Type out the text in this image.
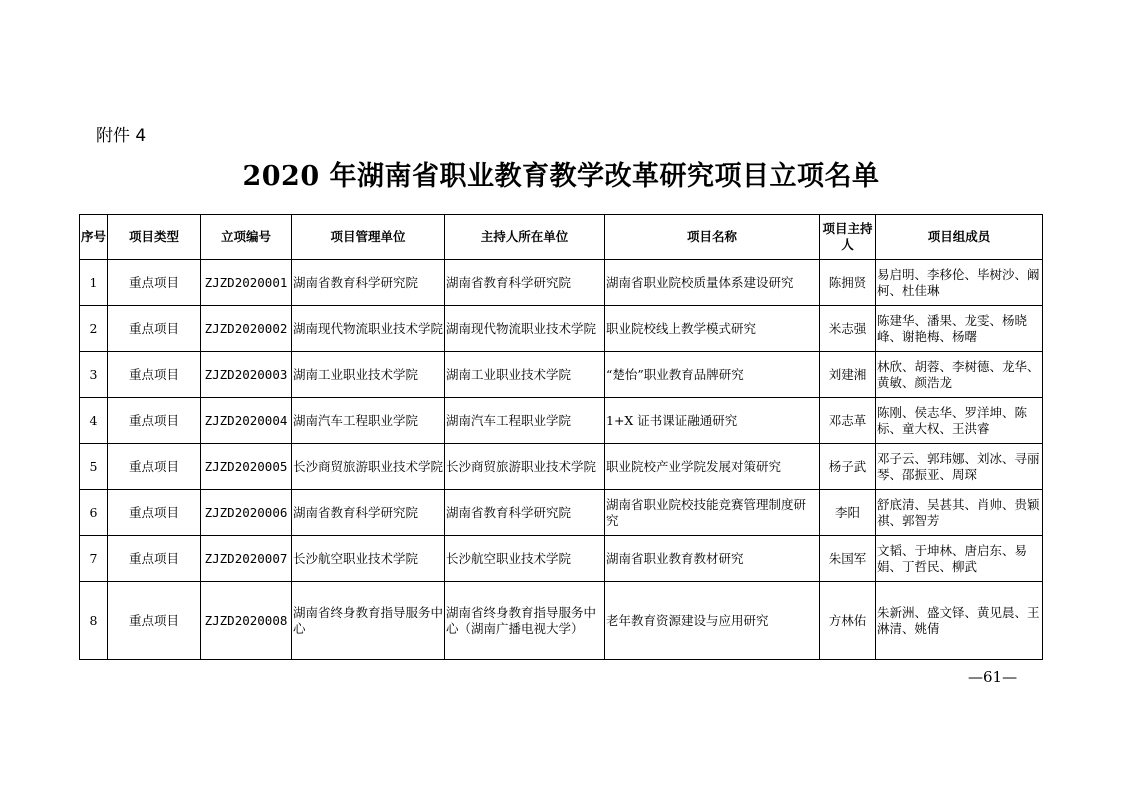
附件 4
2020 年湖南省职业教育教学改革研究项目立项名单
序号	项目类型	立项编号	项目管理单位	主持人所在单位	项目名称	项目主持人	项目组成员
1	重点项目	ZJZD2020001	湖南省教育科学研究院	湖南省教育科学研究院	湖南省职业院校质量体系建设研究	陈拥贤	易启明、李移伦、毕树沙、阚柯、杜佳琳
2	重点项目	ZJZD2020002	湖南现代物流职业技术学院	湖南现代物流职业技术学院	职业院校线上教学模式研究	米志强	陈建华、潘果、龙雯、杨晓峰、谢艳梅、杨曙
3	重点项目	ZJZD2020003	湖南工业职业技术学院	湖南工业职业技术学院	“楚怡”职业教育品牌研究	刘建湘	林欣、胡蓉、李树德、龙华、黄敏、颜浩龙
4	重点项目	ZJZD2020004	湖南汽车工程职业学院	湖南汽车工程职业学院	1+X 证书课证融通研究	邓志革	陈刚、侯志华、罗洋坤、陈标、童大权、王洪睿
5	重点项目	ZJZD2020005	长沙商贸旅游职业技术学院	长沙商贸旅游职业技术学院	职业院校产业学院发展对策研究	杨子武	邓子云、郭玮娜、刘冰、寻丽琴、邵振亚、周琛
6	重点项目	ZJZD2020006	湖南省教育科学研究院	湖南省教育科学研究院	湖南省职业院校技能竞赛管理制度研究	李阳	舒底清、吴甚其、肖帅、贵颖祺、郭智芳
7	重点项目	ZJZD2020007	长沙航空职业技术学院	长沙航空职业技术学院	湖南省职业教育教材研究	朱国军	文韬、于坤林、唐启东、易娟、丁哲民、柳武
8	重点项目	ZJZD2020008	湖南省终身教育指导服务中心	湖南省终身教育指导服务中心（湖南广播电视大学）	老年教育资源建设与应用研究	方林佑	朱新洲、盛文铎、黄见晨、王淋清、姚倩
—61—
